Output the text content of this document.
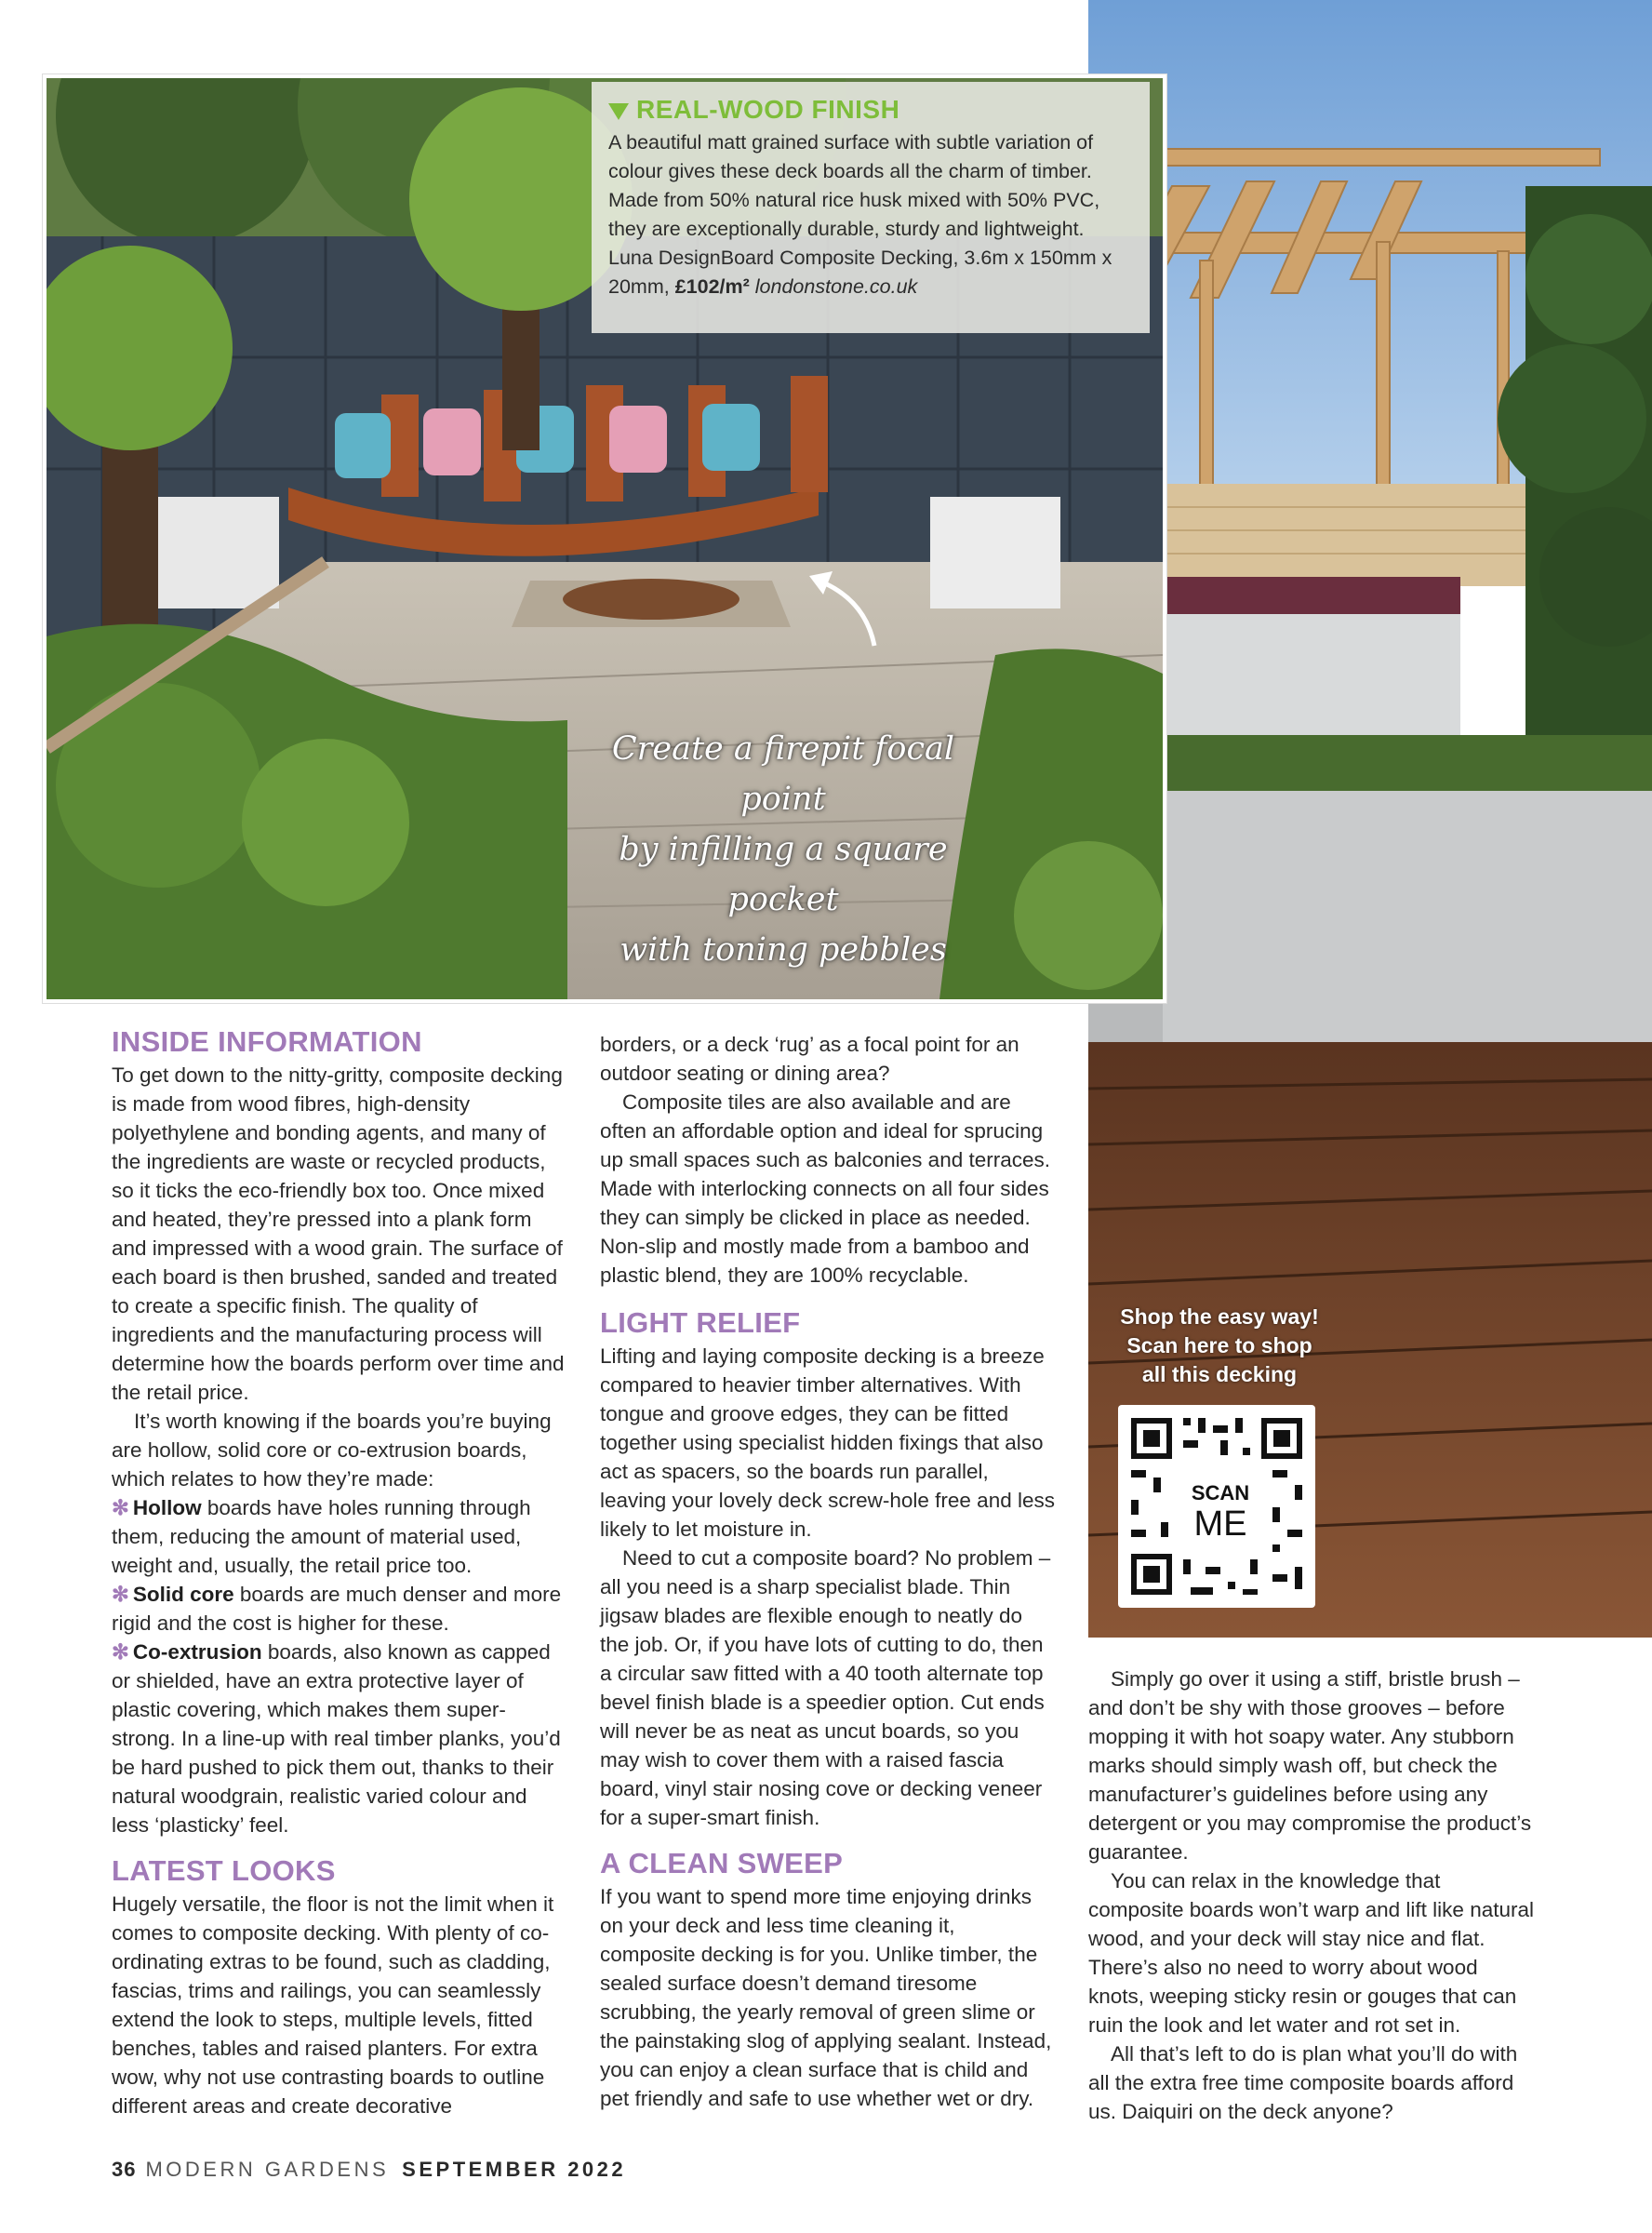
REAL-WOOD FINISH
A beautiful matt grained surface with subtle variation of colour gives these deck boards all the charm of timber. Made from 50% natural rice husk mixed with 50% PVC, they are exceptionally durable, sturdy and lightweight. Luna DesignBoard Composite Decking, 3.6m x 150mm x 20mm, £102/m² londonstone.co.uk
Create a firepit focal point
by infilling a square pocket
with toning pebbles
Shop the easy way!
Scan here to shop
all this decking
SCAN
ME
INSIDE INFORMATION

To get down to the nitty-gritty, composite decking is made from wood fibres, high-density polyethylene and bonding agents, and many of the ingredients are waste or recycled products, so it ticks the eco-friendly box too. Once mixed and heated, they’re pressed into a plank form and impressed with a wood grain. The surface of each board is then brushed, sanded and treated to create a specific finish. The quality of ingredients and the manufacturing process will determine how the boards perform over time and the retail price.

It’s worth knowing if the boards you’re buying are hollow, solid core or co-extrusion boards, which relates to how they’re made:

✻ Hollow boards have holes running through them, reducing the amount of material used, weight and, usually, the retail price too.

✻ Solid core boards are much denser and more rigid and the cost is higher for these.

✻ Co-extrusion boards, also known as capped or shielded, have an extra protective layer of plastic covering, which makes them super-strong. In a line-up with real timber planks, you’d be hard pushed to pick them out, thanks to their natural woodgrain, realistic varied colour and less ‘plasticky’ feel.

LATEST LOOKS

Hugely versatile, the floor is not the limit when it comes to composite decking. With plenty of co-ordinating extras to be found, such as cladding, fascias, trims and railings, you can seamlessly extend the look to steps, multiple levels, fitted benches, tables and raised planters. For extra wow, why not use contrasting boards to outline different areas and create decorative

borders, or a deck ‘rug’ as a focal point for an outdoor seating or dining area?

Composite tiles are also available and are often an affordable option and ideal for sprucing up small spaces such as balconies and terraces. Made with interlocking connects on all four sides they can simply be clicked in place as needed. Non-slip and mostly made from a bamboo and plastic blend, they are 100% recyclable.

LIGHT RELIEF

Lifting and laying composite decking is a breeze compared to heavier timber alternatives. With tongue and groove edges, they can be fitted together using specialist hidden fixings that also act as spacers, so the boards run parallel, leaving your lovely deck screw-hole free and less likely to let moisture in.

Need to cut a composite board? No problem – all you need is a sharp specialist blade. Thin jigsaw blades are flexible enough to neatly do the job. Or, if you have lots of cutting to do, then a circular saw fitted with a 40 tooth alternate top bevel finish blade is a speedier option. Cut ends will never be as neat as uncut boards, so you may wish to cover them with a raised fascia board, vinyl stair nosing cove or decking veneer for a super-smart finish.

A CLEAN SWEEP

If you want to spend more time enjoying drinks on your deck and less time cleaning it, composite decking is for you. Unlike timber, the sealed surface doesn’t demand tiresome scrubbing, the yearly removal of green slime or the painstaking slog of applying sealant. Instead, you can enjoy a clean surface that is child and pet friendly and safe to use whether wet or dry.

Simply go over it using a stiff, bristle brush – and don’t be shy with those grooves – before mopping it with hot soapy water. Any stubborn marks should simply wash off, but check the manufacturer’s guidelines before using any detergent or you may compromise the product’s guarantee.

You can relax in the knowledge that composite boards won’t warp and lift like natural wood, and your deck will stay nice and flat. There’s also no need to worry about wood knots, weeping sticky resin or gouges that can ruin the look and let water and rot set in.

All that’s left to do is plan what you’ll do with all the extra free time composite boards afford us. Daiquiri on the deck anyone?

36 MODERN GARDENS SEPTEMBER 2022
